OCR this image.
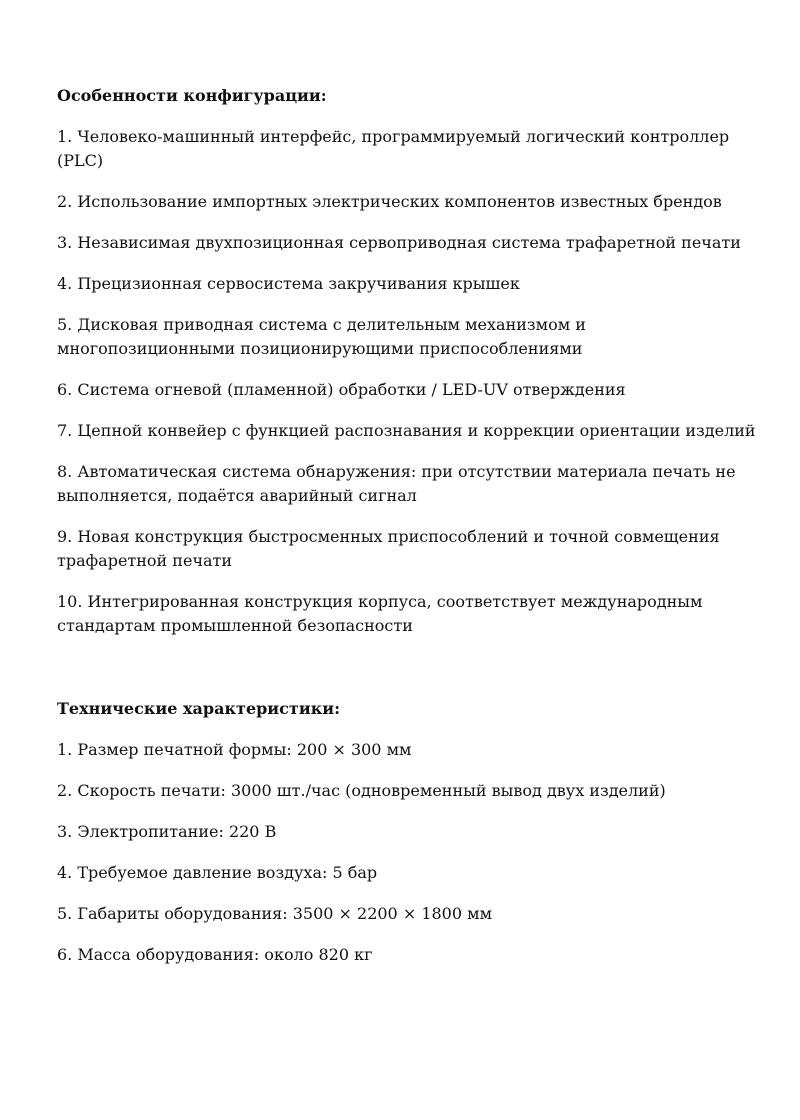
Особенности конфигурации:
1. Человеко-машинный интерфейс, программируемый логический контроллер (PLC)
2. Использование импортных электрических компонентов известных брендов
3. Независимая двухпозиционная сервоприводная система трафаретной печати
4. Прецизионная сервосистема закручивания крышек
5. Дисковая приводная система с делительным механизмом и многопозиционными позиционирующими приспособлениями
6. Система огневой (пламенной) обработки / LED-UV отверждения
7. Цепной конвейер с функцией распознавания и коррекции ориентации изделий
8. Автоматическая система обнаружения: при отсутствии материала печать не выполняется, подаётся аварийный сигнал
9. Новая конструкция быстросменных приспособлений и точной совмещения трафаретной печати
10. Интегрированная конструкция корпуса, соответствует международным стандартам промышленной безопасности
Технические характеристики:
1. Размер печатной формы: 200 × 300 мм
2. Скорость печати: 3000 шт./час (одновременный вывод двух изделий)
3. Электропитание: 220 В
4. Требуемое давление воздуха: 5 бар
5. Габариты оборудования: 3500 × 2200 × 1800 мм
6. Масса оборудования: около 820 кг
